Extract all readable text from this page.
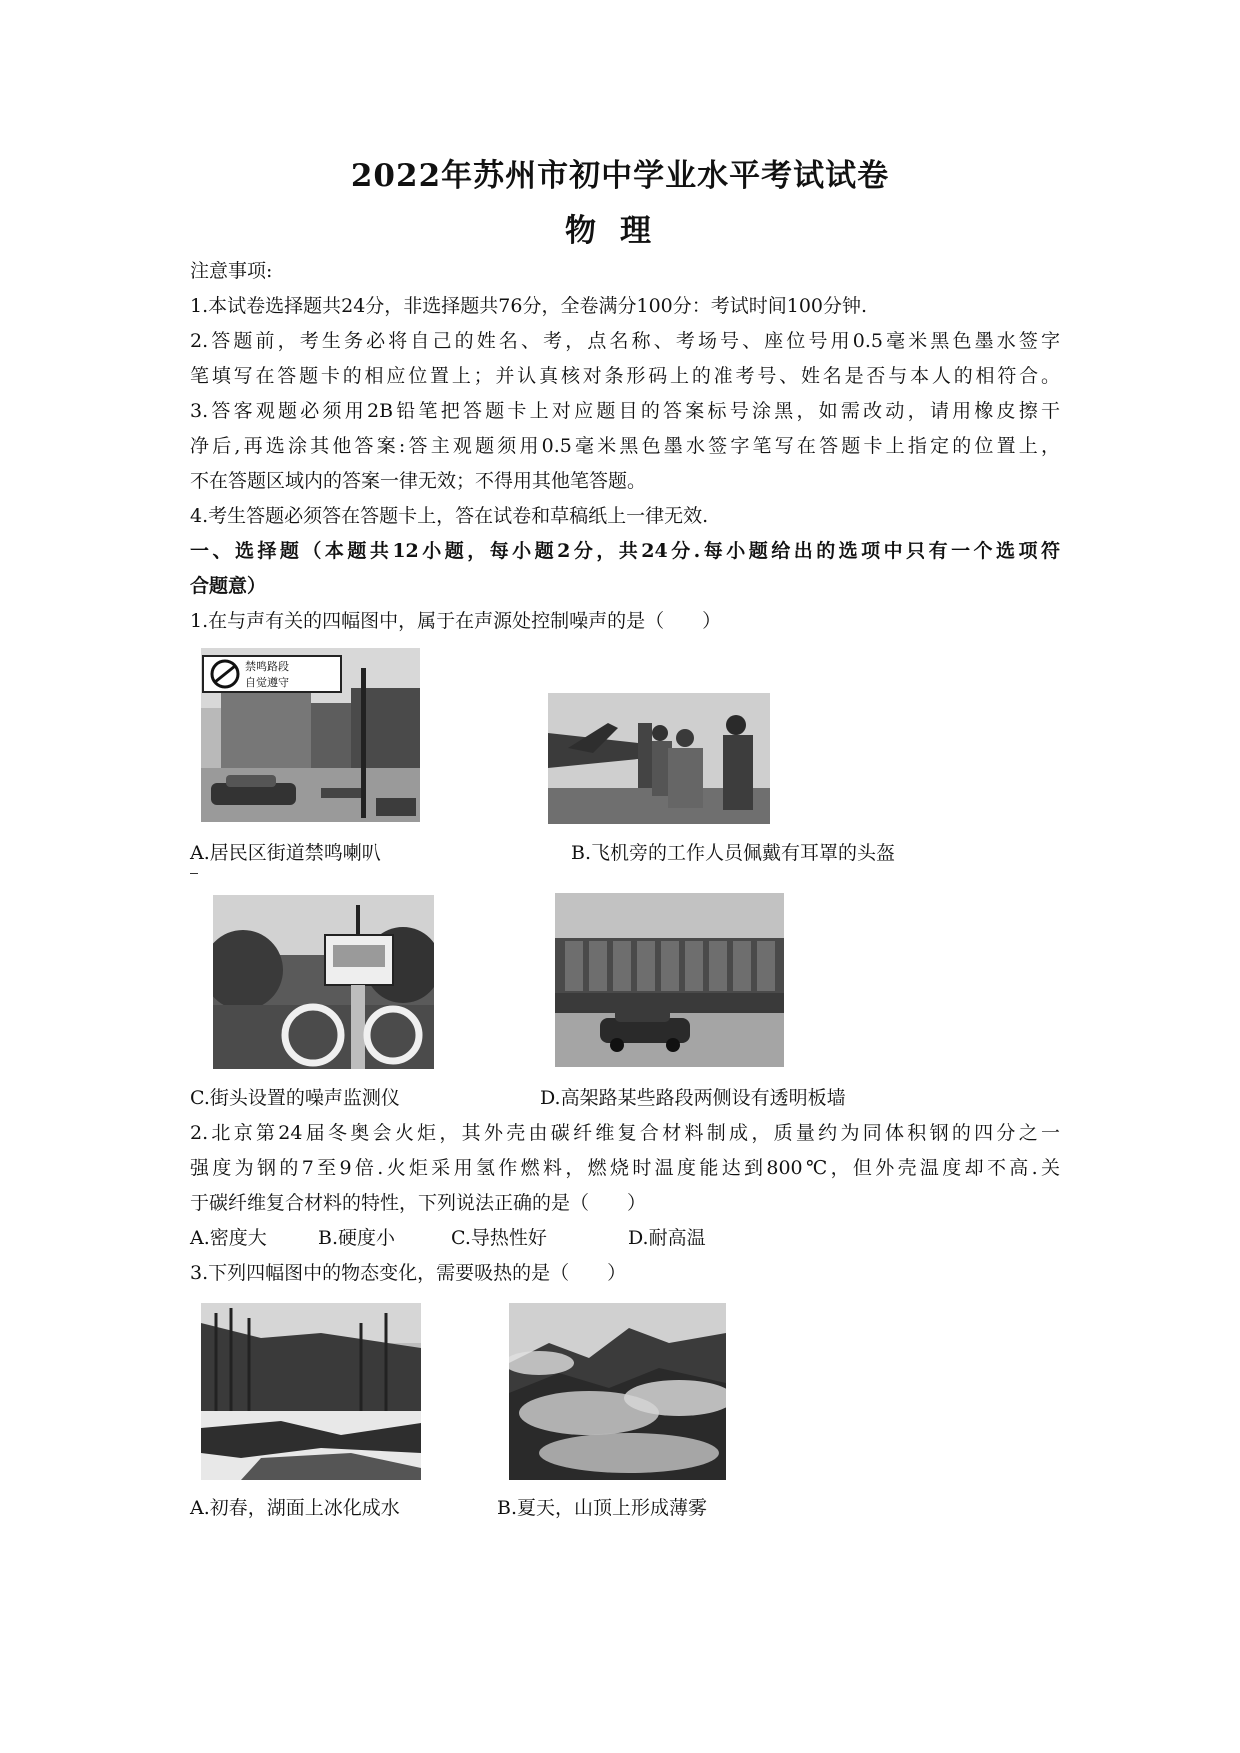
2022年苏州市初中学业水平考试试卷
物理
注意事项:
1.本试卷选择题共24分，非选择题共76分，全卷满分100分：考试时间100分钟.
2.答题前，考生务必将自己的姓名、考，点名称、考场号、座位号用0.5毫米黑色墨水签字
笔填写在答题卡的相应位置上；并认真核对条形码上的准考号、姓名是否与本人的相符合。
3.答客观题必须用2B铅笔把答题卡上对应题目的答案标号涂黑，如需改动，请用橡皮擦干
净后,再选涂其他答案:答主观题须用0.5毫米黑色墨水签字笔写在答题卡上指定的位置上，
不在答题区域内的答案一律无效；不得用其他笔答题。
4.考生答题必须答在答题卡上，答在试卷和草稿纸上一律无效.
一、选择题（本题共12小题，每小题2分，共24分.每小题给出的选项中只有一个选项符
合题意）
1.在与声有关的四幅图中，属于在声源处控制噪声的是（　　）
禁鸣路段
自觉遵守
A.居民区街道禁鸣喇叭	B.飞机旁的工作人员佩戴有耳罩的头盔
C.街头设置的噪声监测仪	D.高架路某些路段两侧设有透明板墙
2.北京第24届冬奥会火炬，其外壳由碳纤维复合材料制成，质量约为同体积钢的四分之一
强度为钢的7至9倍.火炬采用氢作燃料，燃烧时温度能达到800℃，但外壳温度却不高.关
于碳纤维复合材料的特性，下列说法正确的是（　　）
A.密度大	B.硬度小	C.导热性好	D.耐高温
3.下列四幅图中的物态变化，需要吸热的是（　　）
A.初春，湖面上冰化成水	B.夏天，山顶上形成薄雾
